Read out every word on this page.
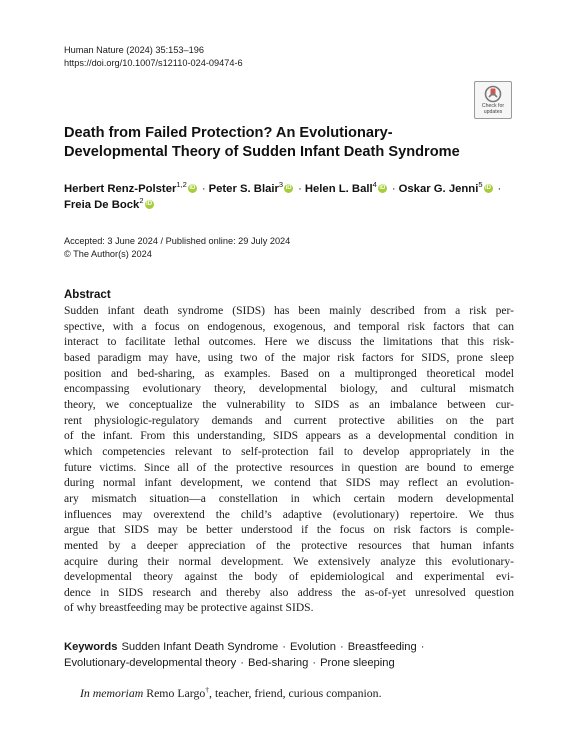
Human Nature (2024) 35:153–196
https://doi.org/10.1007/s12110-024-09474-6
Check for
updates
Death from Failed Protection? An Evolutionary-
Developmental Theory of Sudden Infant Death Syndrome
Herbert Renz-Polster$^{1,2}$ iD · Peter S. Blair$^3$ iD · Helen L. Ball$^4$ iD · Oskar G. Jenni$^5$ iD ·
Freia De Bock$^2$ iD
Accepted: 3 June 2024 / Published online: 29 July 2024
© The Author(s) 2024
Abstract
Sudden infant death syndrome (SIDS) has been mainly described from a risk per-
spective, with a focus on endogenous, exogenous, and temporal risk factors that can
interact to facilitate lethal outcomes. Here we discuss the limitations that this risk-
based paradigm may have, using two of the major risk factors for SIDS, prone sleep
position and bed-sharing, as examples. Based on a multipronged theoretical model
encompassing evolutionary theory, developmental biology, and cultural mismatch
theory, we conceptualize the vulnerability to SIDS as an imbalance between cur-
rent physiologic-regulatory demands and current protective abilities on the part
of the infant. From this understanding, SIDS appears as a developmental condition in
which competencies relevant to self-protection fail to develop appropriately in the
future victims. Since all of the protective resources in question are bound to emerge
during normal infant development, we contend that SIDS may reflect an evolution-
ary mismatch situation—a constellation in which certain modern developmental
influences may overextend the child’s adaptive (evolutionary) repertoire. We thus
argue that SIDS may be better understood if the focus on risk factors is comple-
mented by a deeper appreciation of the protective resources that human infants
acquire during their normal development. We extensively analyze this evolutionary-
developmental theory against the body of epidemiological and experimental evi-
dence in SIDS research and thereby also address the as-of-yet unresolved question
of why breastfeeding may be protective against SIDS.
Keywords Sudden Infant Death Syndrome · Evolution · Breastfeeding ·
Evolutionary-developmental theory · Bed-sharing · Prone sleeping
In memoriam Remo Largo†, teacher, friend, curious companion.
